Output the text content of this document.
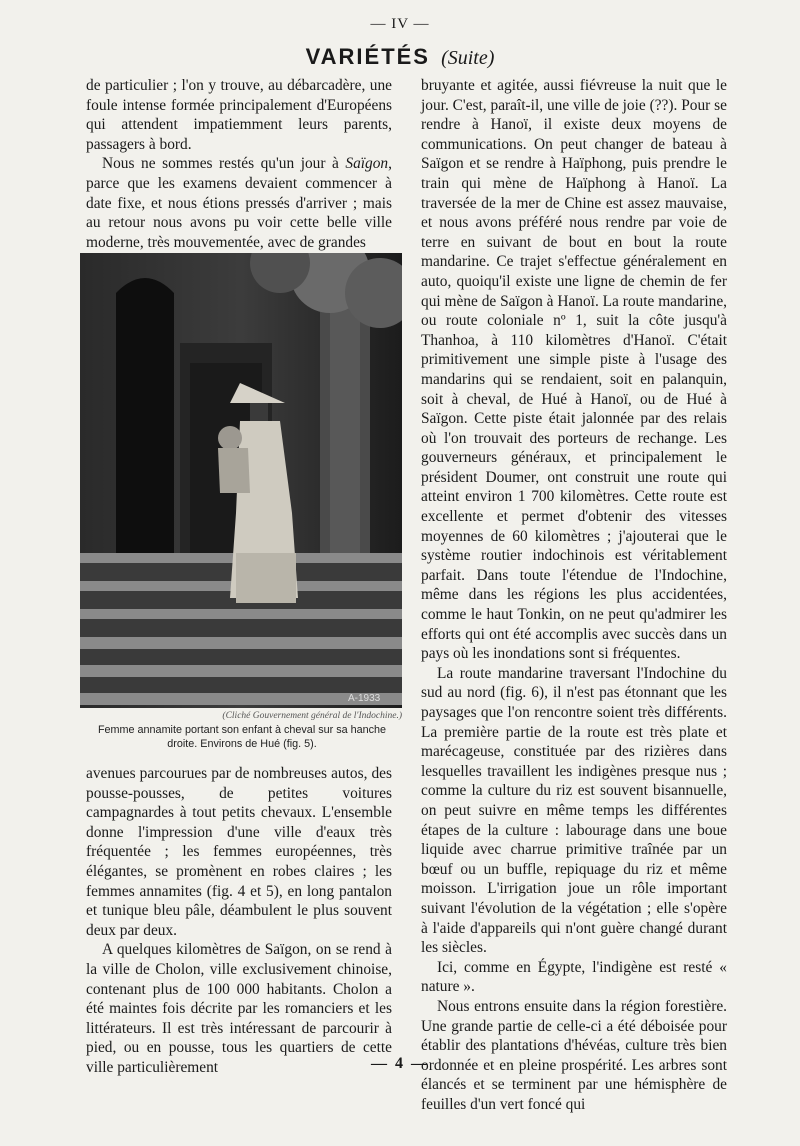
— IV —
VARIÉTÉS (Suite)

de particulier ; l'on y trouve, au débarcadère, une foule intense formée principalement d'Européens qui attendent impatiemment leurs parents, passagers à bord.

Nous ne sommes restés qu'un jour à Saïgon, parce que les examens devaient commencer à date fixe, et nous étions pressés d'arriver ; mais au retour nous avons pu voir cette belle ville moderne, très mouvementée, avec de grandes

A-1933
(Cliché Gouvernement général de l'Indochine.)
Femme annamite portant son enfant à cheval sur sa hanche droite. Environs de Hué (fig. 5).

avenues parcourues par de nombreuses autos, des pousse-pousses, de petites voitures campagnardes à tout petits chevaux. L'ensemble donne l'impression d'une ville d'eaux très fréquentée ; les femmes européennes, très élégantes, se promènent en robes claires ; les femmes annamites (fig. 4 et 5), en long pantalon et tunique bleu pâle, déambulent le plus souvent deux par deux.

A quelques kilomètres de Saïgon, on se rend à la ville de Cholon, ville exclusivement chinoise, contenant plus de 100 000 habitants. Cholon a été maintes fois décrite par les romanciers et les littérateurs. Il est très intéressant de parcourir à pied, ou en pousse, tous les quartiers de cette ville particulièrement

bruyante et agitée, aussi fiévreuse la nuit que le jour. C'est, paraît-il, une ville de joie (??). Pour se rendre à Hanoï, il existe deux moyens de communications. On peut changer de bateau à Saïgon et se rendre à Haïphong, puis prendre le train qui mène de Haïphong à Hanoï. La traversée de la mer de Chine est assez mauvaise, et nous avons préféré nous rendre par voie de terre en suivant de bout en bout la route mandarine. Ce trajet s'effectue généralement en auto, quoiqu'il existe une ligne de chemin de fer qui mène de Saïgon à Hanoï. La route mandarine, ou route coloniale nº 1, suit la côte jusqu'à Thanhoa, à 110 kilomètres d'Hanoï. C'était primitivement une simple piste à l'usage des mandarins qui se rendaient, soit en palanquin, soit à cheval, de Hué à Hanoï, ou de Hué à Saïgon. Cette piste était jalonnée par des relais où l'on trouvait des porteurs de rechange. Les gouverneurs généraux, et principalement le président Doumer, ont construit une route qui atteint environ 1 700 kilomètres. Cette route est excellente et permet d'obtenir des vitesses moyennes de 60 kilomètres ; j'ajouterai que le système routier indochinois est véritablement parfait. Dans toute l'étendue de l'Indochine, même dans les régions les plus accidentées, comme le haut Tonkin, on ne peut qu'admirer les efforts qui ont été accomplis avec succès dans un pays où les inondations sont si fréquentes.

La route mandarine traversant l'Indochine du sud au nord (fig. 6), il n'est pas étonnant que les paysages que l'on rencontre soient très différents. La première partie de la route est très plate et marécageuse, constituée par des rizières dans lesquelles travaillent les indigènes presque nus ; comme la culture du riz est souvent bisannuelle, on peut suivre en même temps les différentes étapes de la culture : labourage dans une boue liquide avec charrue primitive traînée par un bœuf ou un buffle, repiquage du riz et même moisson. L'irrigation joue un rôle important suivant l'évolution de la végétation ; elle s'opère à l'aide d'appareils qui n'ont guère changé durant les siècles.

Ici, comme en Égypte, l'indigène est resté « nature ».

Nous entrons ensuite dans la région forestière. Une grande partie de celle-ci a été déboisée pour établir des plantations d'hévéas, culture très bien ordonnée et en pleine prospérité. Les arbres sont élancés et se terminent par une hémisphère de feuilles d'un vert foncé qui

— 4 —
